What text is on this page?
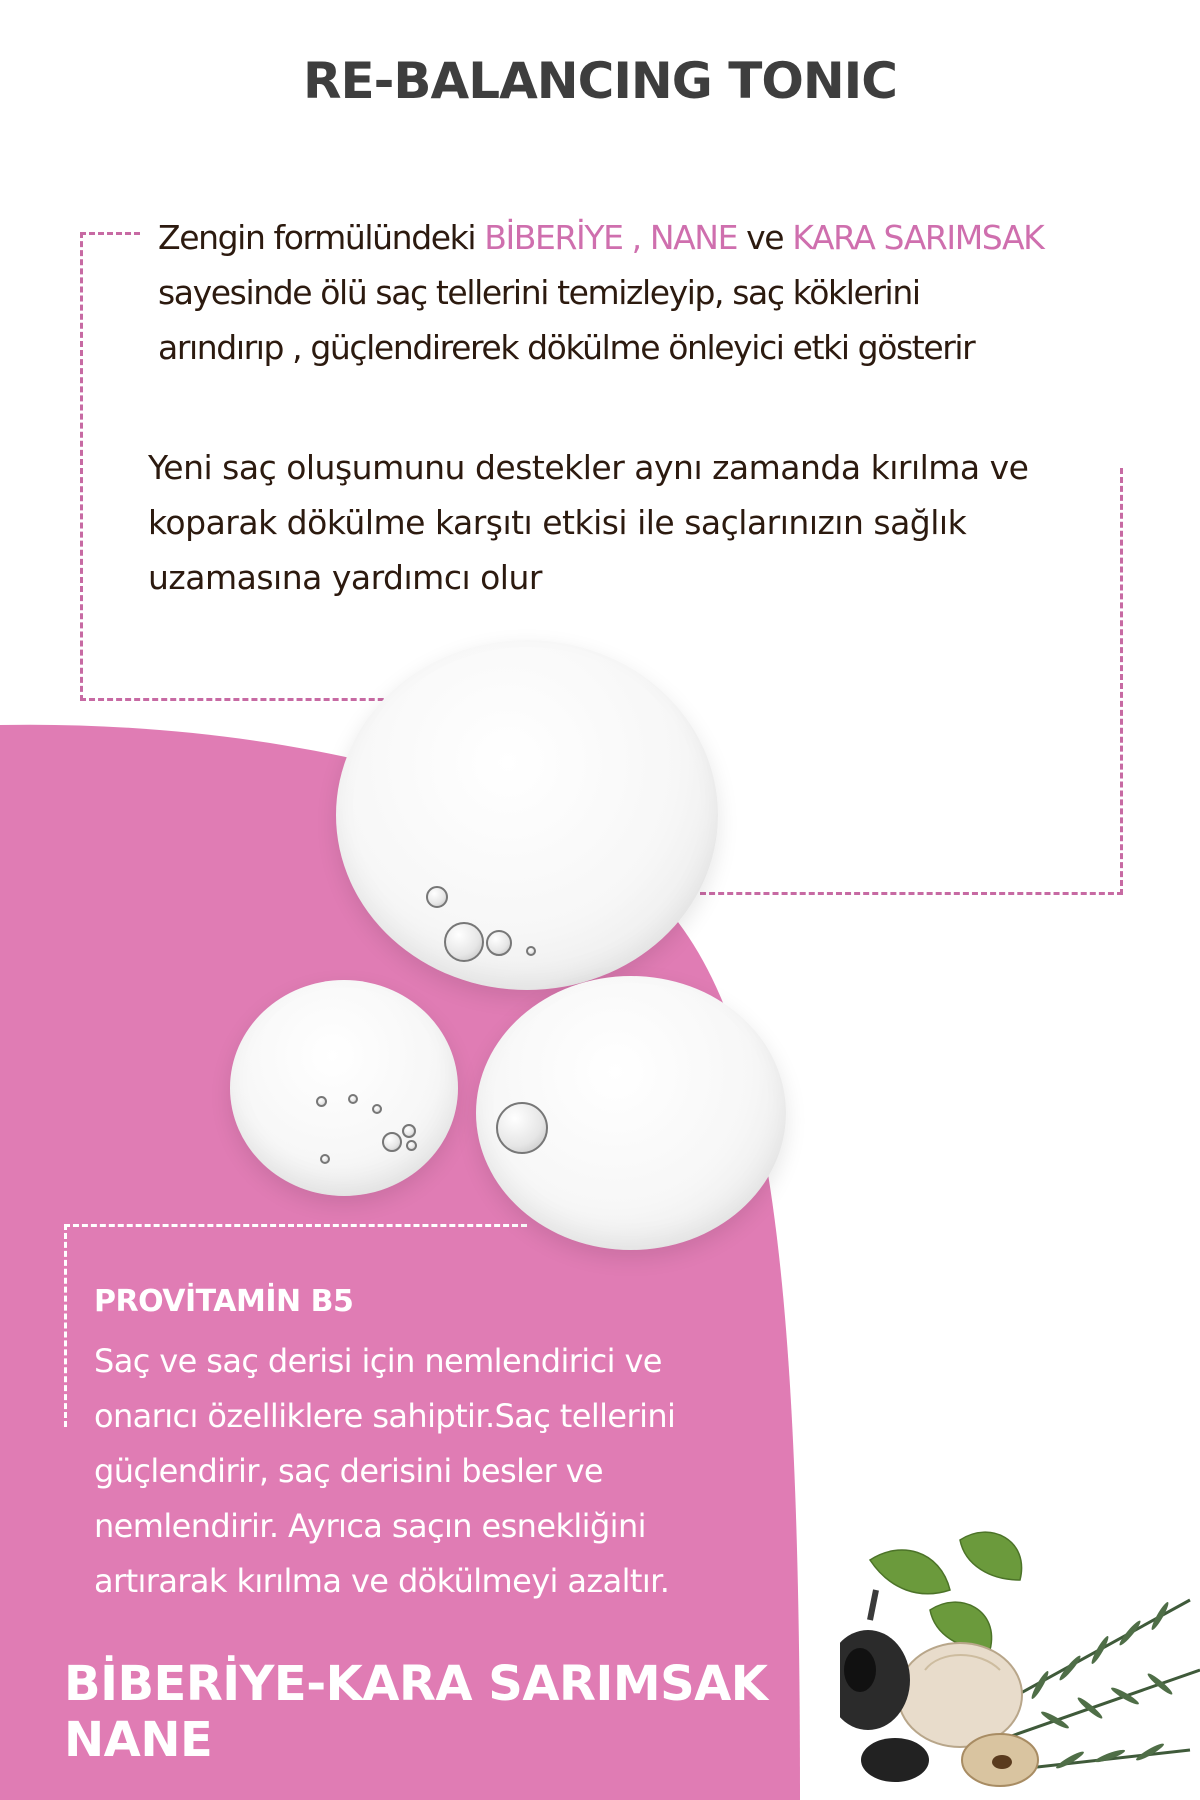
RE-BALANCING TONIC
Zengin formülündeki BİBERİYE , NANE ve KARA SARIMSAK
sayesinde ölü saç tellerini temizleyip, saç köklerini
arındırıp , güçlendirerek dökülme önleyici etki gösterir
Yeni saç oluşumunu destekler aynı zamanda kırılma ve
koparak dökülme karşıtı etkisi ile saçlarınızın sağlık
uzamasına yardımcı olur
PROVİTAMİN B5
Saç ve saç derisi için nemlendirici ve
onarıcı özelliklere sahiptir.Saç tellerini
güçlendirir, saç derisini besler ve
nemlendirir. Ayrıca saçın esnekliğini
artırarak kırılma ve dökülmeyi azaltır.
BİBERİYE-KARA SARIMSAK
NANE
